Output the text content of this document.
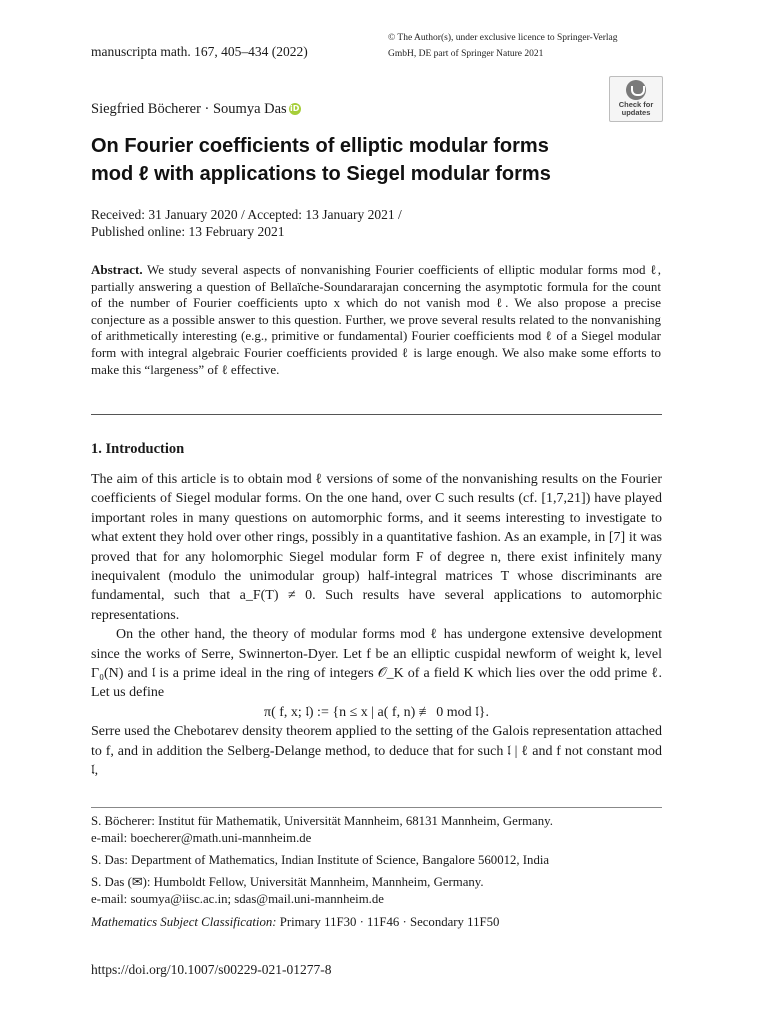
manuscripta math. 167, 405–434 (2022)
© The Author(s), under exclusive licence to Springer-Verlag
GmbH, DE part of Springer Nature 2021
Siegfried Böcherer · Soumya Das iD	Check for
updates
On Fourier coefficients of elliptic modular forms
mod ℓ with applications to Siegel modular forms
Received: 31 January 2020 / Accepted: 13 January 2021 /
Published online: 13 February 2021
Abstract. We study several aspects of nonvanishing Fourier coefficients of elliptic modular forms mod ℓ, partially answering a question of Bellaïche-Soundararajan concerning the asymptotic formula for the count of the number of Fourier coefficients upto x which do not vanish mod ℓ. We also propose a precise conjecture as a possible answer to this question. Further, we prove several results related to the nonvanishing of arithmetically interesting (e.g., primitive or fundamental) Fourier coefficients mod ℓ of a Siegel modular form with integral algebraic Fourier coefficients provided ℓ is large enough. We also make some efforts to make this “largeness” of ℓ effective.
1. Introduction

The aim of this article is to obtain mod ℓ versions of some of the nonvanishing results on the Fourier coefficients of Siegel modular forms. On the one hand, over C such results (cf. [1,7,21]) have played important roles in many questions on automorphic forms, and it seems interesting to investigate to what extent they hold over other rings, possibly in a quantitative fashion. As an example, in [7] it was proved that for any holomorphic Siegel modular form F of degree n, there exist infinitely many inequivalent (modulo the unimodular group) half-integral matrices T whose discriminants are fundamental, such that a_F(T) ≠ 0. Such results have several applications to automorphic representations.

On the other hand, the theory of modular forms mod ℓ has undergone extensive development since the works of Serre, Swinnerton-Dyer. Let f be an elliptic cuspidal newform of weight k, level Γ₀(N) and 𝔩 is a prime ideal in the ring of integers 𝒪_K of a field K which lies over the odd prime ℓ. Let us define

π( f, x; 𝔩) := {n ≤ x | a( f, n) ≢ 0 mod 𝔩}.

Serre used the Chebotarev density theorem applied to the setting of the Galois representation attached to f, and in addition the Selberg-Delange method, to deduce that for such 𝔩 | ℓ and f not constant mod 𝔩,

S. Böcherer: Institut für Mathematik, Universität Mannheim, 68131 Mannheim, Germany.
e-mail: boecherer@math.uni-mannheim.de
S. Das: Department of Mathematics, Indian Institute of Science, Bangalore 560012, India
S. Das (✉): Humboldt Fellow, Universität Mannheim, Mannheim, Germany.
e-mail: soumya@iisc.ac.in; sdas@mail.uni-mannheim.de
Mathematics Subject Classification: Primary 11F30 · 11F46 · Secondary 11F50
https://doi.org/10.1007/s00229-021-01277-8
